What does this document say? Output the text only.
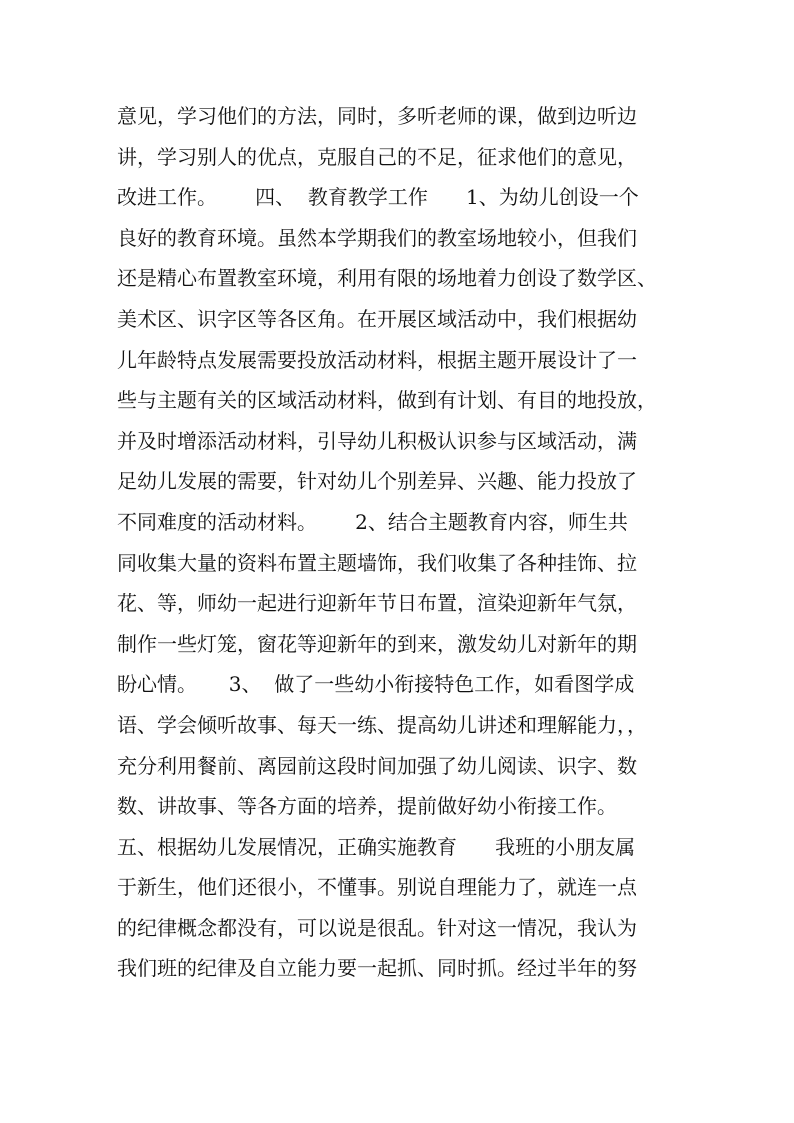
意见，学习他们的方法，同时，多听老师的课，做到边听边
讲，学习别人的优点，克服自己的不足，征求他们的意见，
改进工作。      四、  教育教学工作      1、为幼儿创设一个
良好的教育环境。虽然本学期我们的教室场地较小，但我们
还是精心布置教室环境，利用有限的场地着力创设了数学区、
美术区、识字区等各区角。在开展区域活动中，我们根据幼
儿年龄特点发展需要投放活动材料，根据主题开展设计了一
些与主题有关的区域活动材料，做到有计划、有目的地投放，
并及时增添活动材料，引导幼儿积极认识参与区域活动，满
足幼儿发展的需要，针对幼儿个别差异、兴趣、能力投放了
不同难度的活动材料。      2、结合主题教育内容，师生共
同收集大量的资料布置主题墙饰，我们收集了各种挂饰、拉
花、等，师幼一起进行迎新年节日布置，渲染迎新年气氛，
制作一些灯笼，窗花等迎新年的到来，激发幼儿对新年的期
盼心情。     3、  做了一些幼小衔接特色工作，如看图学成
语、学会倾听故事、每天一练、提高幼儿讲述和理解能力，，
充分利用餐前、离园前这段时间加强了幼儿阅读、识字、数
数、讲故事、等各方面的培养，提前做好幼小衔接工作。
五、根据幼儿发展情况，正确实施教育      我班的小朋友属
于新生，他们还很小，不懂事。别说自理能力了，就连一点
的纪律概念都没有，可以说是很乱。针对这一情况，我认为
我们班的纪律及自立能力要一起抓、同时抓。经过半年的努
